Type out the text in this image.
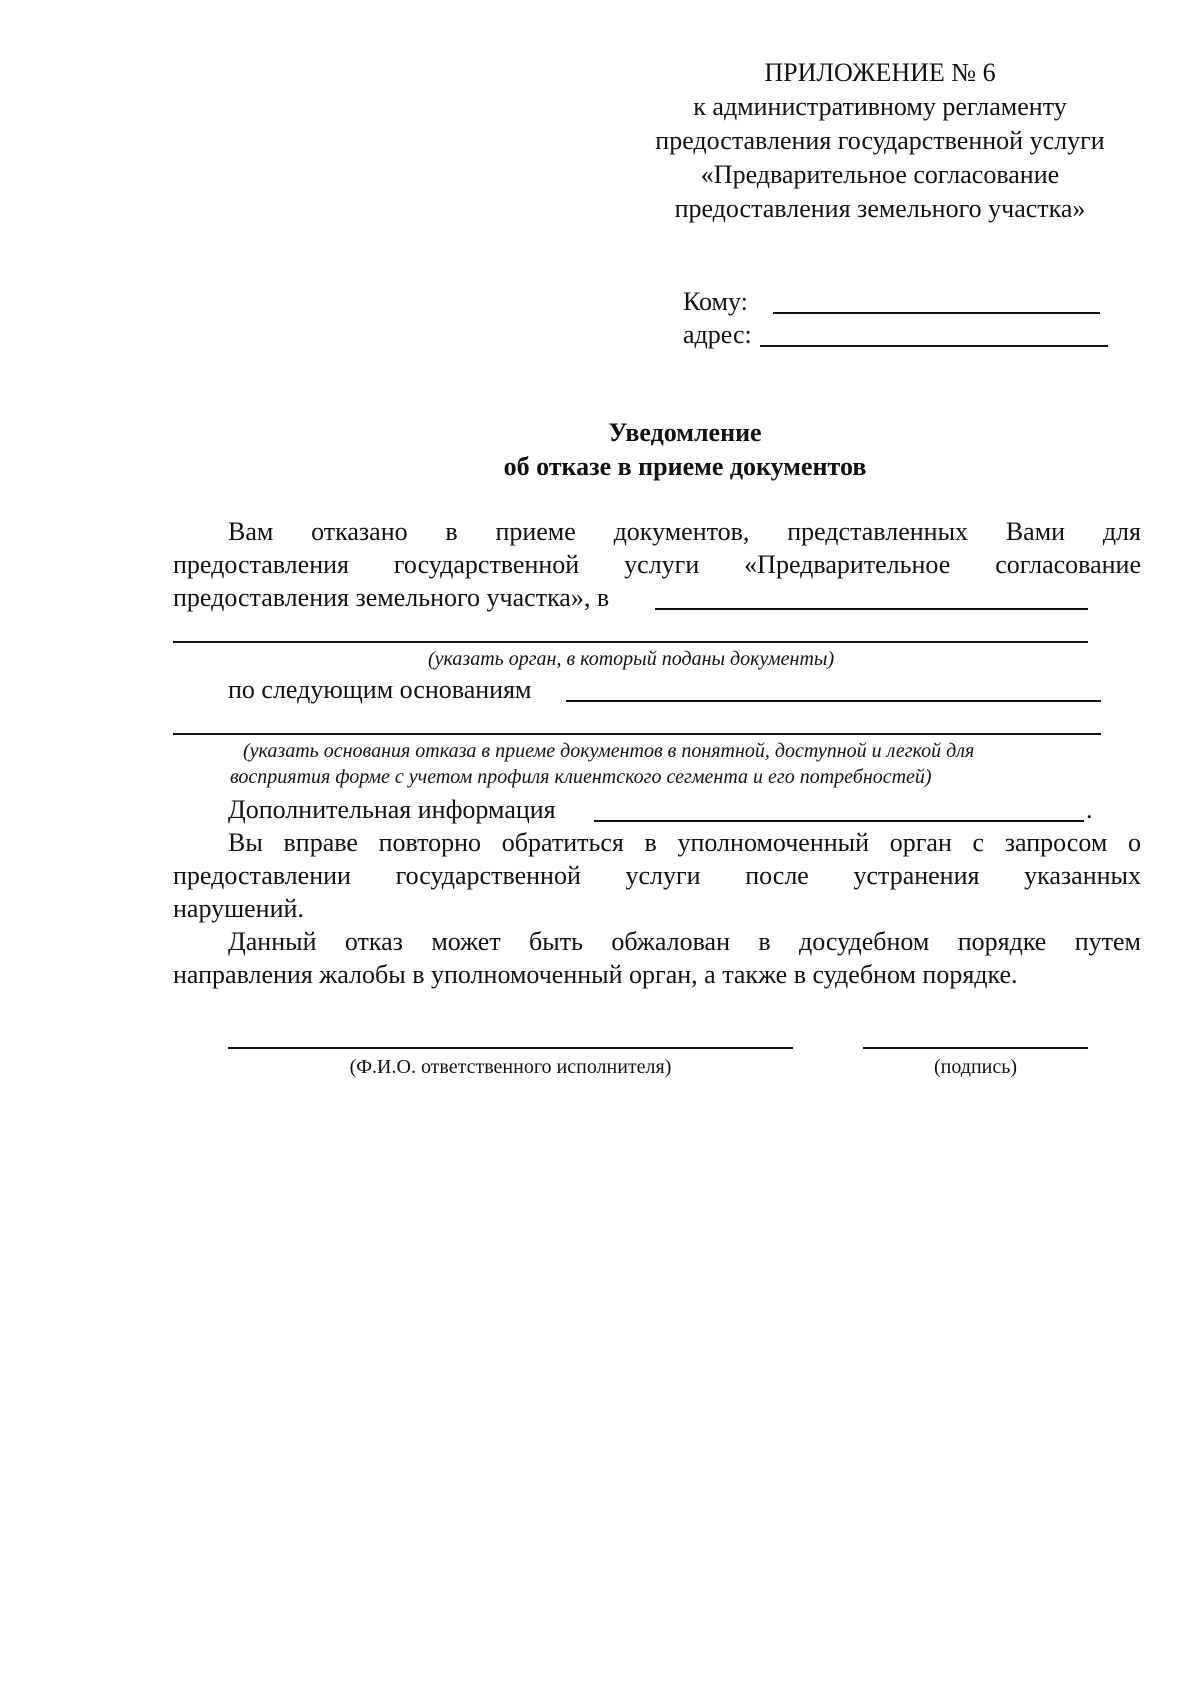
ПРИЛОЖЕНИЕ № 6
к административному регламенту
предоставления государственной услуги
«Предварительное согласование
предоставления земельного участка»
Кому:
адрес:
Уведомление
об отказе в приеме документов
Вам отказано в приеме документов, представленных Вами для
предоставления государственной услуги «Предварительное согласование
предоставления земельного участка», в
(указать орган, в который поданы документы)
по следующим основаниям
(указать основания отказа в приеме документов в понятной, доступной и легкой для
восприятия форме с учетом профиля клиентского сегмента и его потребностей)
Дополнительная информация	.
Вы вправе повторно обратиться в уполномоченный орган с запросом о
предоставлении государственной услуги после устранения указанных
нарушений.
Данный отказ может быть обжалован в досудебном порядке путем
направления жалобы в уполномоченный орган, а также в судебном порядке.
(Ф.И.О. ответственного исполнителя)	(подпись)
